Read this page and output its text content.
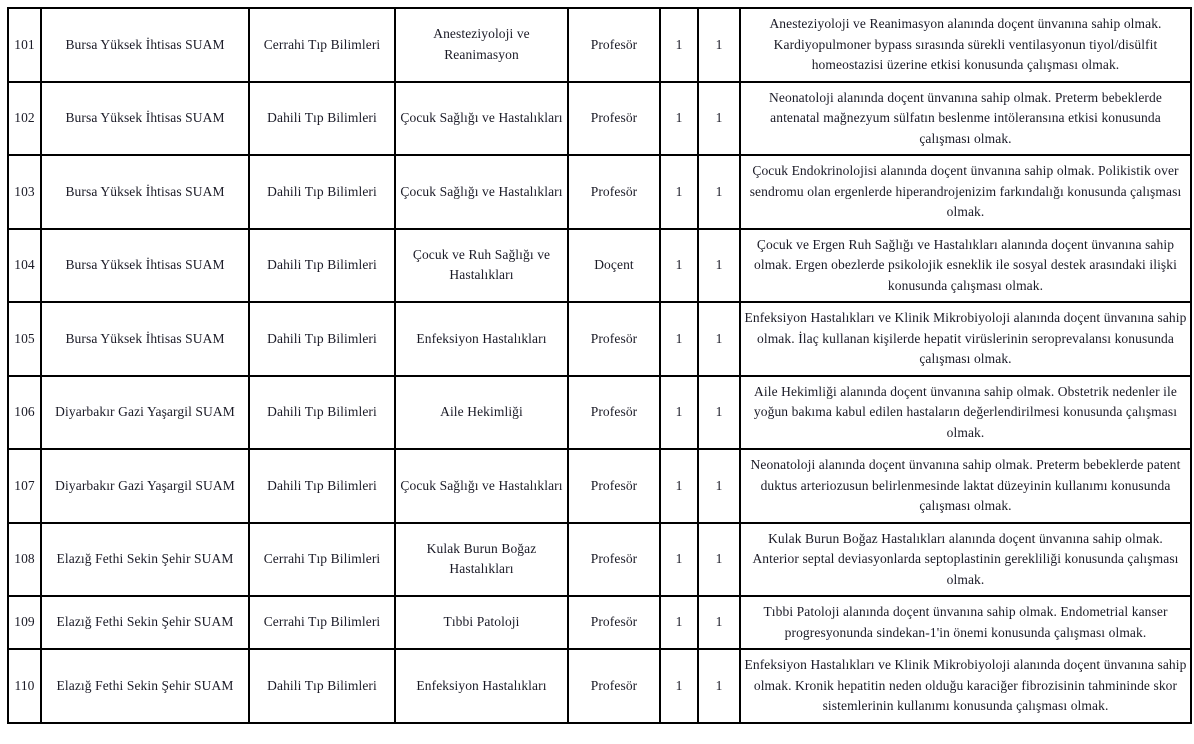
101	Bursa Yüksek İhtisas SUAM	Cerrahi Tıp Bilimleri	Anesteziyoloji ve Reanimasyon	Profesör	1	1	Anesteziyoloji ve Reanimasyon alanında doçent ünvanına sahip olmak. Kardiyopulmoner bypass sırasında sürekli ventilasyonun tiyol/disülfit homeostazisi üzerine etkisi konusunda çalışması olmak.
102	Bursa Yüksek İhtisas SUAM	Dahili Tıp Bilimleri	Çocuk Sağlığı ve Hastalıkları	Profesör	1	1	Neonatoloji alanında doçent ünvanına sahip olmak. Preterm bebeklerde antenatal mağnezyum sülfatın beslenme intöleransına etkisi konusunda çalışması olmak.
103	Bursa Yüksek İhtisas SUAM	Dahili Tıp Bilimleri	Çocuk Sağlığı ve Hastalıkları	Profesör	1	1	Çocuk Endokrinolojisi alanında doçent ünvanına sahip olmak. Polikistik over sendromu olan ergenlerde hiperandrojenizim farkındalığı konusunda çalışması olmak.
104	Bursa Yüksek İhtisas SUAM	Dahili Tıp Bilimleri	Çocuk ve Ruh Sağlığı ve Hastalıkları	Doçent	1	1	Çocuk ve Ergen Ruh Sağlığı ve Hastalıkları alanında doçent ünvanına sahip olmak. Ergen obezlerde psikolojik esneklik ile sosyal destek arasındaki ilişki konusunda çalışması olmak.
105	Bursa Yüksek İhtisas SUAM	Dahili Tıp Bilimleri	Enfeksiyon Hastalıkları	Profesör	1	1	Enfeksiyon Hastalıkları ve Klinik Mikrobiyoloji alanında doçent ünvanına sahip olmak. İlaç kullanan kişilerde hepatit virüslerinin seroprevalansı konusunda çalışması olmak.
106	Diyarbakır Gazi Yaşargil SUAM	Dahili Tıp Bilimleri	Aile Hekimliği	Profesör	1	1	Aile Hekimliği alanında doçent ünvanına sahip olmak. Obstetrik nedenler ile yoğun bakıma kabul edilen hastaların değerlendirilmesi konusunda çalışması olmak.
107	Diyarbakır Gazi Yaşargil SUAM	Dahili Tıp Bilimleri	Çocuk Sağlığı ve Hastalıkları	Profesör	1	1	Neonatoloji alanında doçent ünvanına sahip olmak. Preterm bebeklerde patent duktus arteriozusun belirlenmesinde laktat düzeyinin kullanımı konusunda çalışması olmak.
108	Elazığ Fethi Sekin Şehir SUAM	Cerrahi Tıp Bilimleri	Kulak Burun Boğaz Hastalıkları	Profesör	1	1	Kulak Burun Boğaz Hastalıkları alanında doçent ünvanına sahip olmak. Anterior septal deviasyonlarda septoplastinin gerekliliği konusunda çalışması olmak.
109	Elazığ Fethi Sekin Şehir SUAM	Cerrahi Tıp Bilimleri	Tıbbi Patoloji	Profesör	1	1	Tıbbi Patoloji alanında doçent ünvanına sahip olmak. Endometrial kanser progresyonunda sindekan-1'in önemi konusunda çalışması olmak.
110	Elazığ Fethi Sekin Şehir SUAM	Dahili Tıp Bilimleri	Enfeksiyon Hastalıkları	Profesör	1	1	Enfeksiyon Hastalıkları ve Klinik Mikrobiyoloji alanında doçent ünvanına sahip olmak. Kronik hepatitin neden olduğu karaciğer fibrozisinin tahmininde skor sistemlerinin kullanımı konusunda çalışması olmak.
